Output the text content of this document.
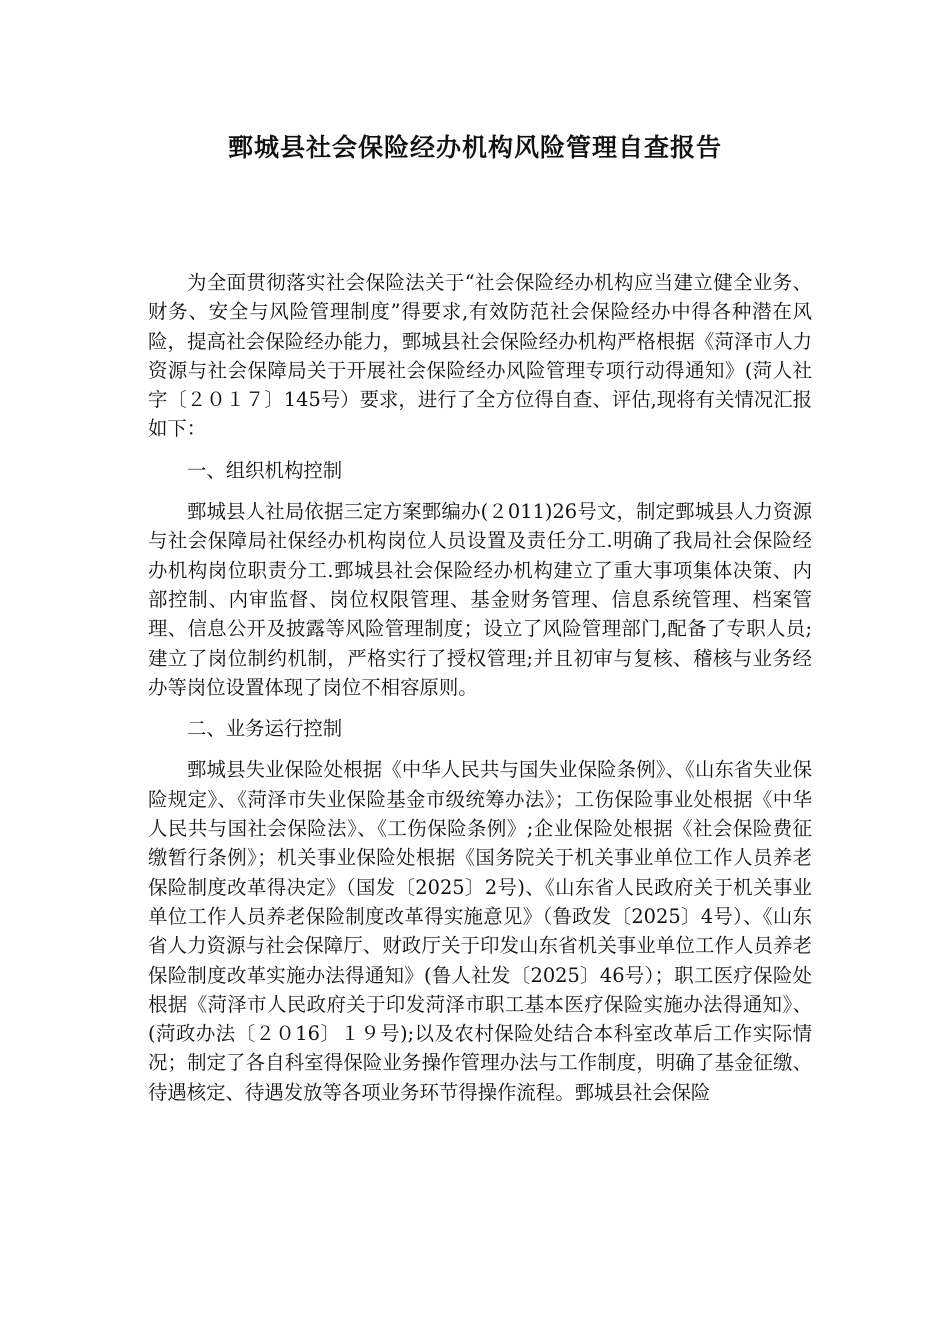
鄄城县社会保险经办机构风险管理自查报告

为全面贯彻落实社会保险法关于“社会保险经办机构应当建立健全业务、财务、安全与风险管理制度”得要求,有效防范社会保险经办中得各种潜在风险，提高社会保险经办能力，鄄城县社会保险经办机构严格根据《菏泽市人力资源与社会保障局关于开展社会保险经办风险管理专项行动得通知》(菏人社字〔２０１７〕145号）要求，进行了全方位得自查、评估,现将有关情况汇报如下：

一、组织机构控制

鄄城县人社局依据三定方案鄄编办(２011)26号文，制定鄄城县人力资源与社会保障局社保经办机构岗位人员设置及责任分工.明确了我局社会保险经办机构岗位职责分工.鄄城县社会保险经办机构建立了重大事项集体决策、内部控制、内审监督、岗位权限管理、基金财务管理、信息系统管理、档案管理、信息公开及披露等风险管理制度；设立了风险管理部门,配备了专职人员;建立了岗位制约机制，严格实行了授权管理;并且初审与复核、稽核与业务经办等岗位设置体现了岗位不相容原则。

二、业务运行控制

鄄城县失业保险处根据《中华人民共与国失业保险条例》、《山东省失业保险规定》、《菏泽市失业保险基金市级统筹办法》；工伤保险事业处根据《中华人民共与国社会保险法》、《工伤保险条例》;企业保险处根据《社会保险费征缴暂行条例》；机关事业保险处根据《国务院关于机关事业单位工作人员养老保险制度改革得决定》（国发〔2025〕2号)、《山东省人民政府关于机关事业单位工作人员养老保险制度改革得实施意见》（鲁政发〔2025〕4号）、《山东省人力资源与社会保障厅、财政厅关于印发山东省机关事业单位工作人员养老保险制度改革实施办法得通知》(鲁人社发〔2025〕46号）；职工医疗保险处根据《菏泽市人民政府关于印发菏泽市职工基本医疗保险实施办法得通知》、(菏政办法〔２０16〕１９号);以及农村保险处结合本科室改革后工作实际情况；制定了各自科室得保险业务操作管理办法与工作制度，明确了基金征缴、待遇核定、待遇发放等各项业务环节得操作流程。鄄城县社会保险
